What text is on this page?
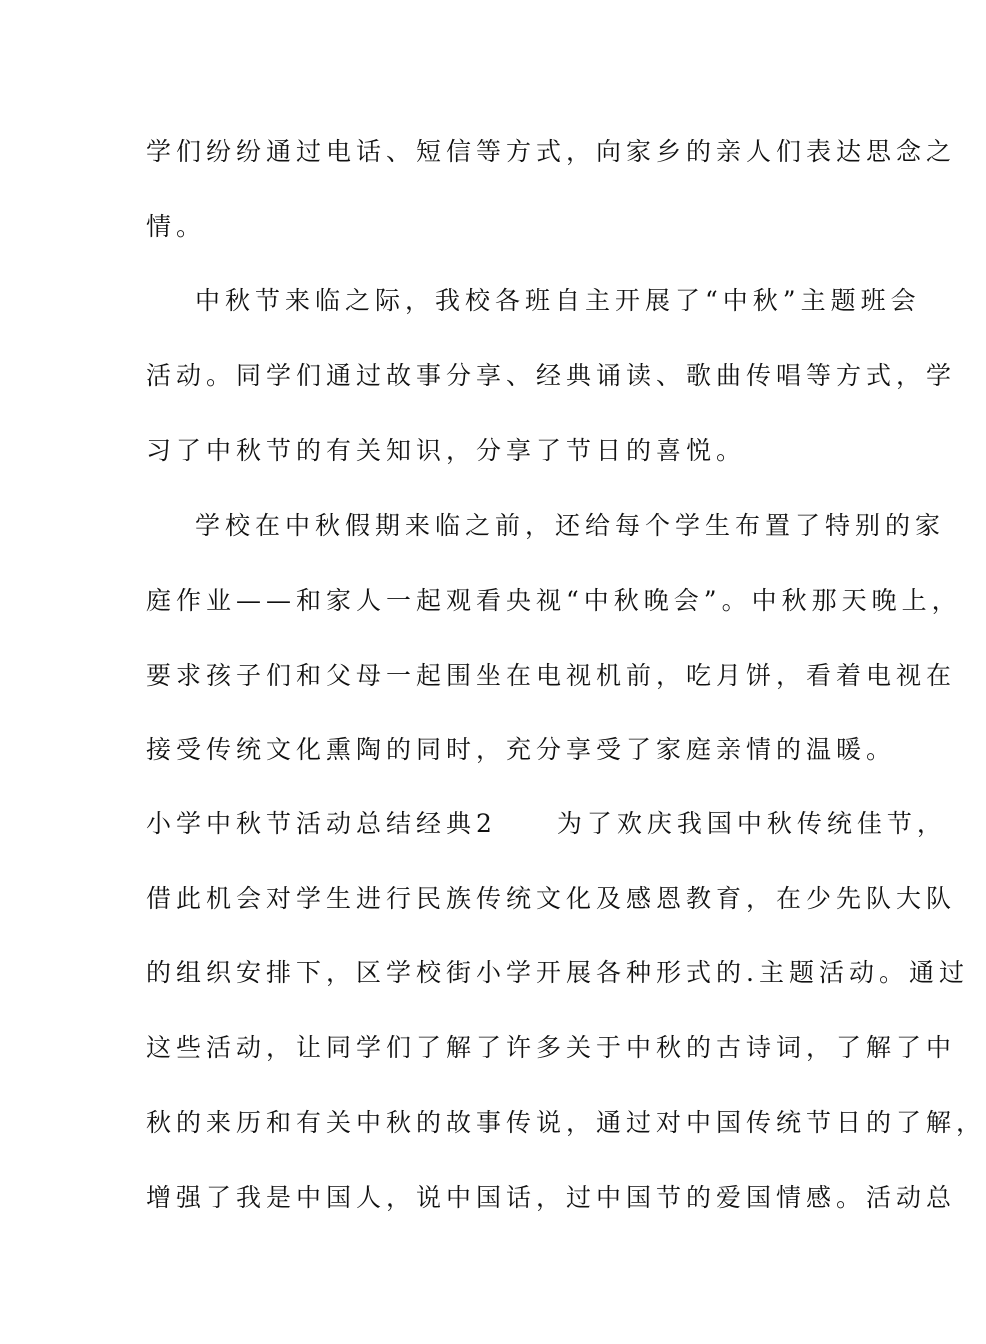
学们纷纷通过电话、短信等方式，向家乡的亲人们表达思念之
情。
中秋节来临之际，我校各班自主开展了“中秋”主题班会
活动。同学们通过故事分享、经典诵读、歌曲传唱等方式，学
习了中秋节的有关知识，分享了节日的喜悦。
学校在中秋假期来临之前，还给每个学生布置了特别的家
庭作业——和家人一起观看央视“中秋晚会”。中秋那天晚上，
要求孩子们和父母一起围坐在电视机前，吃月饼，看着电视在
接受传统文化熏陶的同时，充分享受了家庭亲情的温暖。
小学中秋节活动总结经典2　　为了欢庆我国中秋传统佳节，
借此机会对学生进行民族传统文化及感恩教育，在少先队大队
的组织安排下，区学校街小学开展各种形式的.主题活动。通过
这些活动，让同学们了解了许多关于中秋的古诗词，了解了中
秋的来历和有关中秋的故事传说，通过对中国传统节日的了解，
增强了我是中国人，说中国话，过中国节的爱国情感。活动总
